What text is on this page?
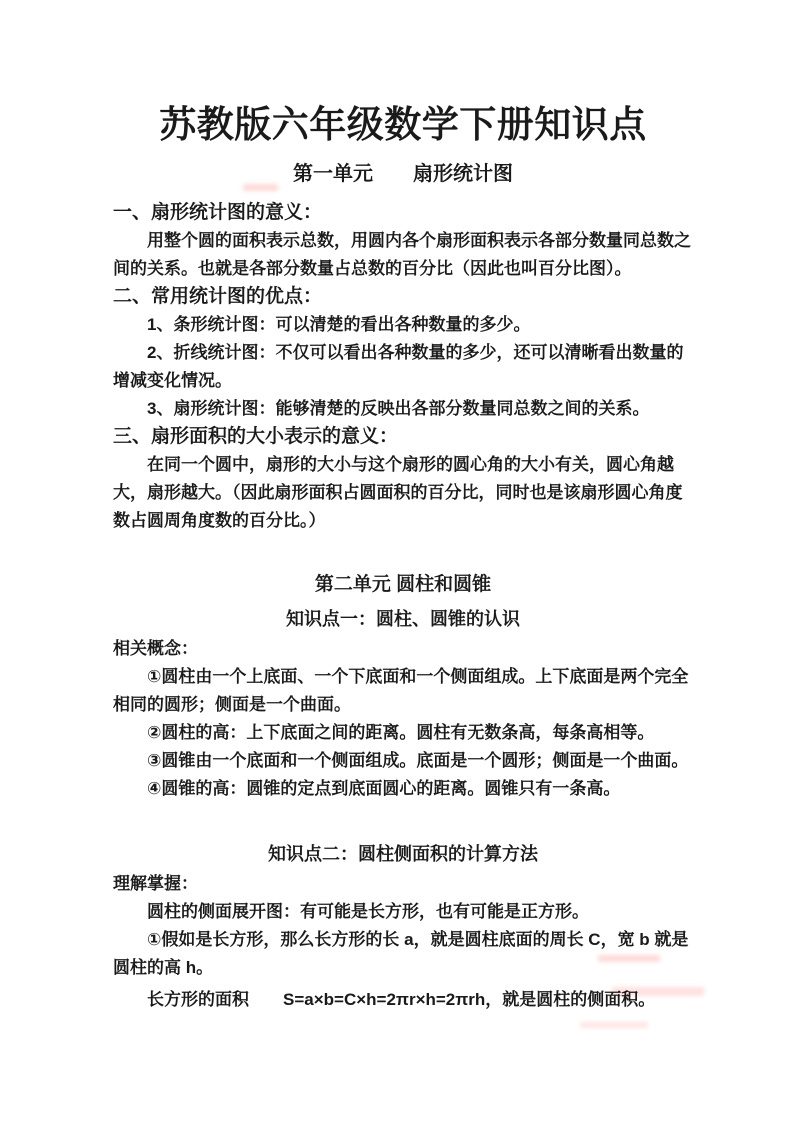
苏教版六年级数学下册知识点
第一单元　　扇形统计图

一、扇形统计图的意义：

用整个圆的面积表示总数，用圆内各个扇形面积表示各部分数量同总数之间的关系。也就是各部分数量占总数的百分比（因此也叫百分比图）。

二、常用统计图的优点：

1、条形统计图：可以清楚的看出各种数量的多少。

2、折线统计图：不仅可以看出各种数量的多少，还可以清晰看出数量的增减变化情况。

3、扇形统计图：能够清楚的反映出各部分数量同总数之间的关系。

三、扇形面积的大小表示的意义：

在同一个圆中，扇形的大小与这个扇形的圆心角的大小有关，圆心角越大，扇形越大。（因此扇形面积占圆面积的百分比，同时也是该扇形圆心角度数占圆周角度数的百分比。）

第二单元 圆柱和圆锥

知识点一：圆柱、圆锥的认识

相关概念：

①圆柱由一个上底面、一个下底面和一个侧面组成。上下底面是两个完全相同的圆形；侧面是一个曲面。

②圆柱的高：上下底面之间的距离。圆柱有无数条高，每条高相等。

③圆锥由一个底面和一个侧面组成。底面是一个圆形；侧面是一个曲面。

④圆锥的高：圆锥的定点到底面圆心的距离。圆锥只有一条高。

知识点二：圆柱侧面积的计算方法

理解掌握：

圆柱的侧面展开图：有可能是长方形，也有可能是正方形。

①假如是长方形，那么长方形的长 a，就是圆柱底面的周长 C，宽 b 就是圆柱的高 h。

长方形的面积　　S=a×b=C×h=2πr×h=2πrh，就是圆柱的侧面积。
